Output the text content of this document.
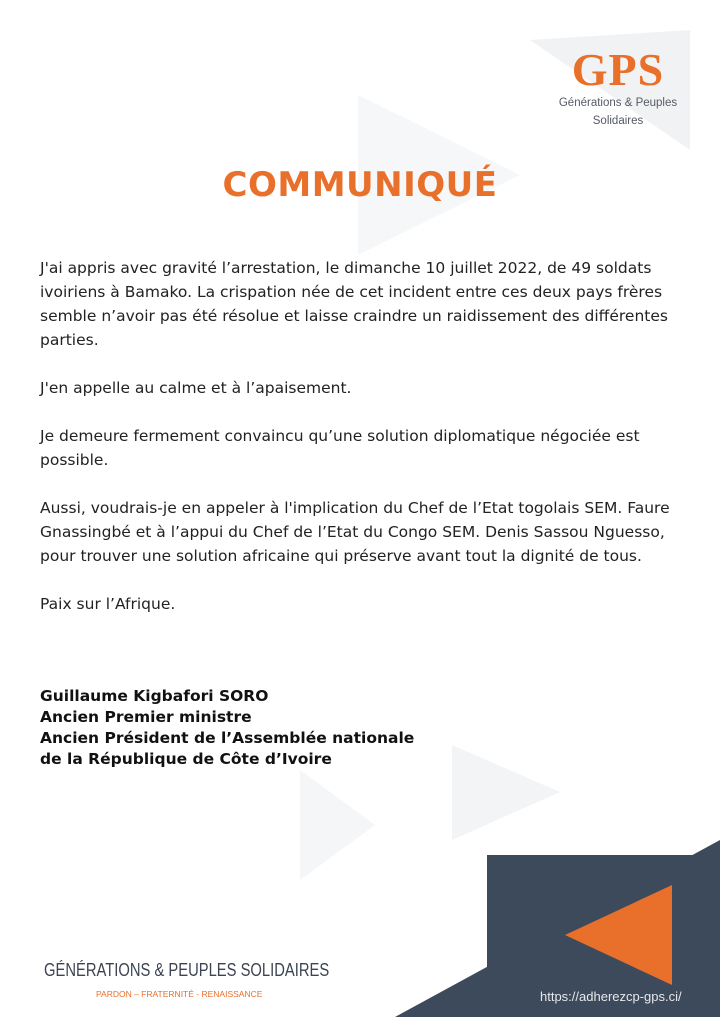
GPS
Générations & Peuples
Solidaires
COMMUNIQUÉ

J'ai appris avec gravité l’arrestation, le dimanche 10 juillet 2022, de 49 soldats ivoiriens à Bamako. La crispation née de cet incident entre ces deux pays frères semble n’avoir pas été résolue et laisse craindre un raidissement des différentes parties.

J'en appelle au calme et à l’apaisement.

Je demeure fermement convaincu qu’une solution diplomatique négociée est possible.

Aussi, voudrais-je en appeler à l'implication du Chef de l’Etat togolais SEM. Faure Gnassingbé et à l’appui du Chef de l’Etat du Congo SEM. Denis Sassou Nguesso, pour trouver une solution africaine qui préserve avant tout la dignité de tous.

Paix sur l’Afrique.

Guillaume Kigbafori SORO
Ancien Premier ministre
Ancien Président de l’Assemblée nationale
de la République de Côte d’Ivoire
GÉNÉRATIONS & PEUPLES SOLIDAIRES
PARDON – FRATERNITÉ - RENAISSANCE	https://adherezcp-gps.ci/
